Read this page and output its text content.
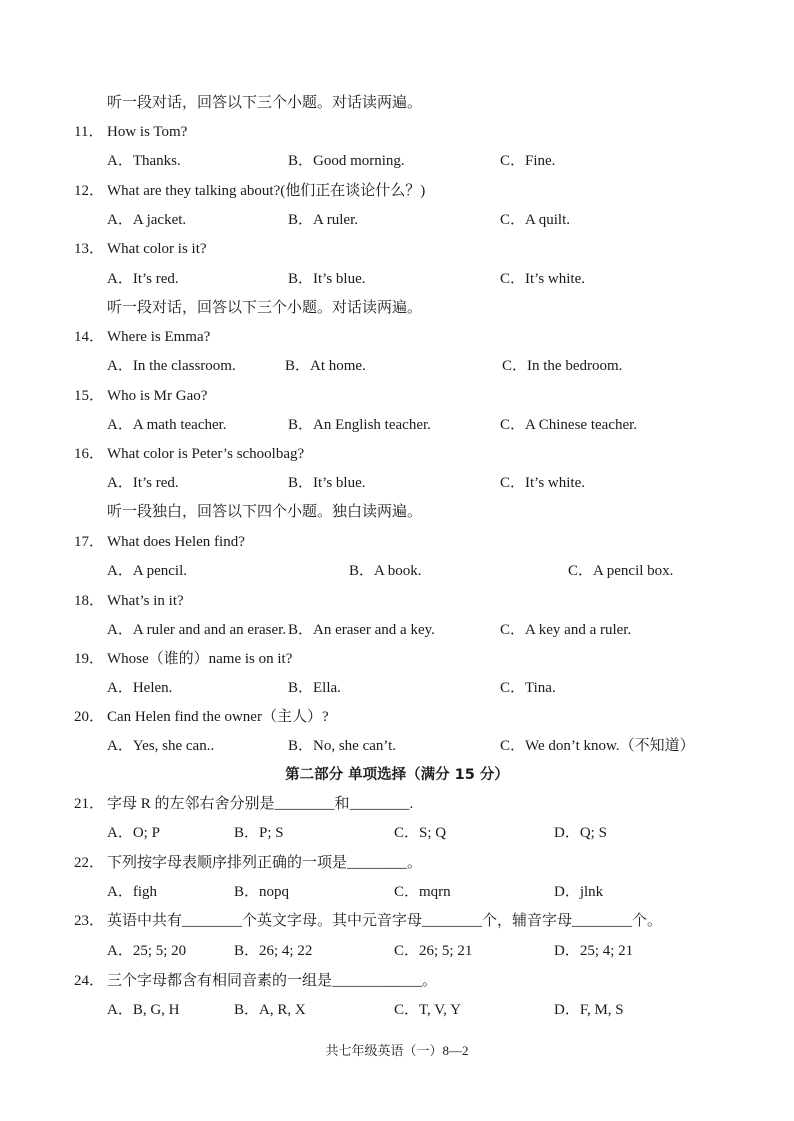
听一段对话，回答以下三个小题。对话读两遍。
11． How is Tom?
A．Thanks.	B．Good morning.	C．Fine.
12． What are they talking about?(他们正在谈论什么？)
A．A jacket.	B．A ruler.	C．A quilt.
13． What color is it?
A．It’s red.	B．It’s blue.	C．It’s white.
听一段对话，回答以下三个小题。对话读两遍。
14． Where is Emma?
A．In the classroom.	B．At home.	C．In the bedroom.
15． Who is Mr Gao?
A．A math teacher.	B．An English teacher.	C．A Chinese teacher.
16． What color is Peter’s schoolbag?
A．It’s red.	B．It’s blue.	C．It’s white.
听一段独白，回答以下四个小题。独白读两遍。
17． What does Helen find?
A．A pencil.	B．A book.	C．A pencil box.
18． What’s in it?
A．A ruler and and an eraser. B．An eraser and a key.	C．A key and a ruler.
19． Whose（谁的）name is on it?
A．Helen.	B．Ella.	C．Tina.
20． Can Helen find the owner（主人）?
A．Yes, she can..	B．No, she can’t.	C．We don’t know.（不知道）
第二部分 单项选择（满分 15 分）
21． 字母 R 的左邻右舍分别是________和________.
A．O; P	B．P; S	C．S; Q	D．Q; S
22． 下列按字母表顺序排列正确的一项是________。
A．figh	B．nopq	C．mqrn	D．jlnk
23． 英语中共有________个英文字母。其中元音字母________个，辅音字母________个。
A．25; 5; 20	B．26; 4; 22	C．26; 5; 21	D．25; 4; 21
24． 三个字母都含有相同音素的一组是____________。
A．B, G, H	B．A, R, X	C．T, V, Y	D．F, M, S
共七年级英语（一）8—2
